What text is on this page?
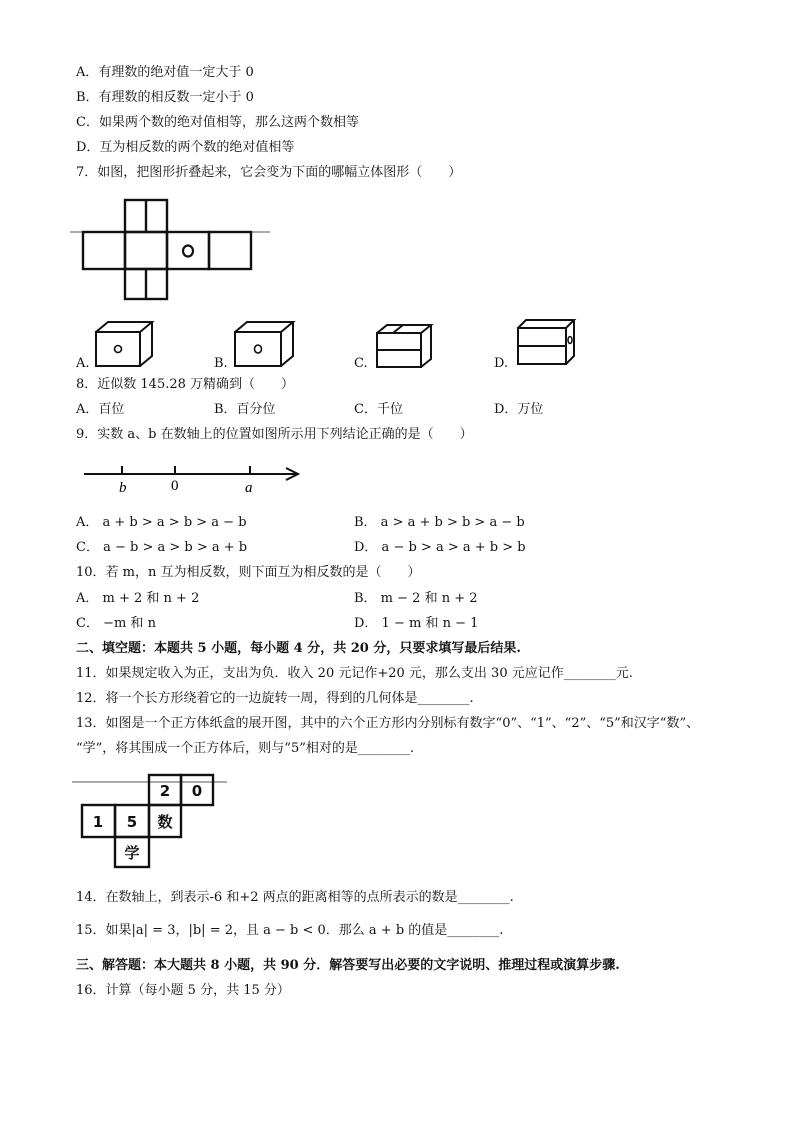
A．有理数的绝对值一定大于 0
B．有理数的相反数一定小于 0
C．如果两个数的绝对值相等，那么这两个数相等
D．互为相反数的两个数的绝对值相等
7．如图，把图形折叠起来，它会变为下面的哪幅立体图形（　　）
A.	B.	C.	D.
8．近似数 145.28 万精确到（　　）
A．百位	B．百分位	C．千位	D．万位
9．实数 a、b 在数轴上的位置如图所示用下列结论正确的是（　　）
b	0	a
A． a + b > a > b > a − b	B． a > a + b > b > a − b
C． a − b > a > b > a + b	D． a − b > a > a + b > b
10．若 m，n 互为相反数，则下面互为相反数的是（　　）
A． m + 2 和 n + 2	B． m − 2 和 n + 2
C． −m 和 n	D． 1 − m 和 n − 1
二、填空题：本题共 5 小题，每小题 4 分，共 20 分，只要求填写最后结果.
11．如果规定收入为正，支出为负．收入 20 元记作+20 元，那么支出 30 元应记作________元.
12．将一个长方形绕着它的一边旋转一周，得到的几何体是________.
13．如图是一个正方体纸盒的展开图，其中的六个正方形内分别标有数字“0”、“1”、“2”、“5”和汉字“数”、
“学”，将其围成一个正方体后，则与“5”相对的是________.
2 0
1 5 数
学
14．在数轴上，到表示-6 和+2 两点的距离相等的点所表示的数是________.
15．如果|a| = 3，|b| = 2，且 a − b < 0．那么 a + b 的值是________.
三、解答题：本大题共 8 小题，共 90 分．解答要写出必要的文字说明、推理过程或演算步骤.
16．计算（每小题 5 分，共 15 分）
